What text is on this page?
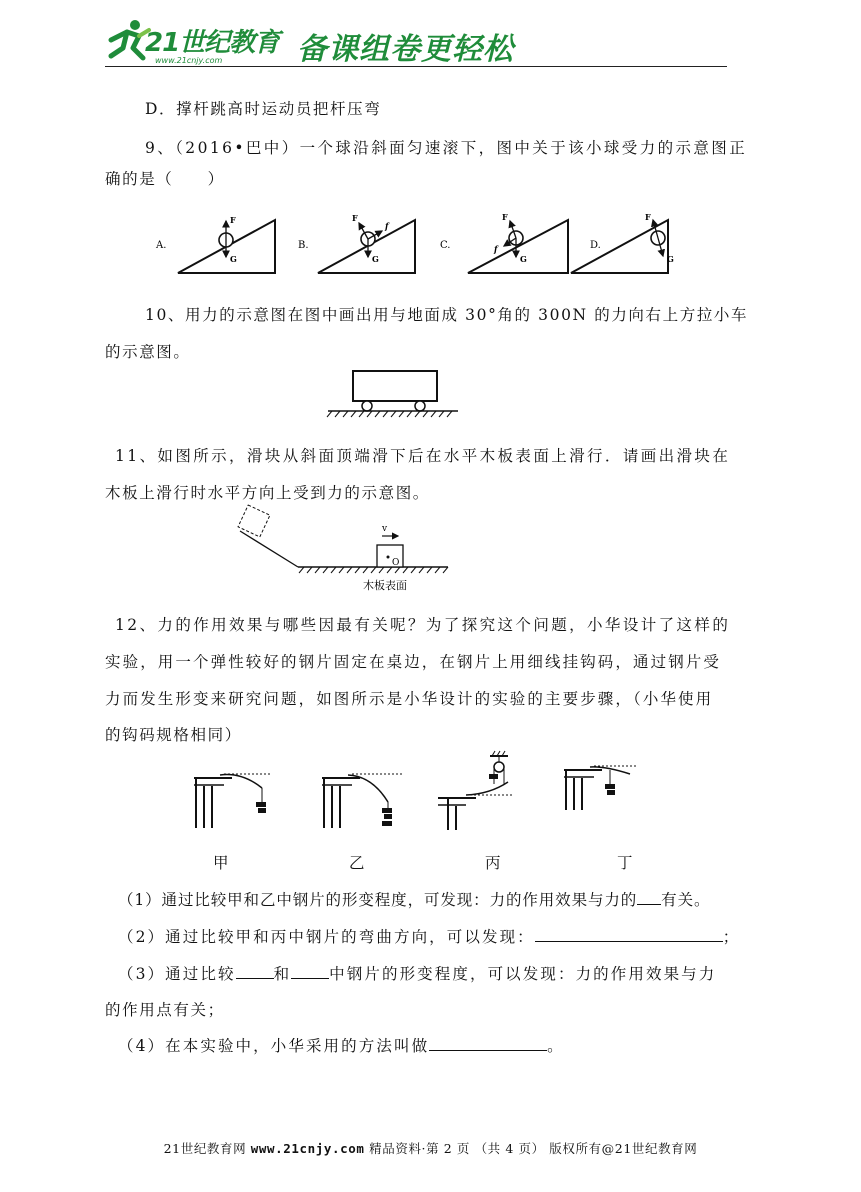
21世纪教育
www.21cnjy.com 备课组卷更轻松
D．撑杆跳高时运动员把杆压弯
9、（2016•巴中）一个球沿斜面匀速滚下，图中关于该小球受力的示意图正
确的是（　　）
A.
F
G
B.
F
f
G
C.
F
f
G
D.
F
G
10、用力的示意图在图中画出用与地面成 30°角的 300N 的力向右上方拉小车
的示意图。
11、如图所示，滑块从斜面顶端滑下后在水平木板表面上滑行．请画出滑块在
木板上滑行时水平方向上受到力的示意图。
O
v
木板表面
12、力的作用效果与哪些因最有关呢？为了探究这个问题，小华设计了这样的
实验，用一个弹性较好的钢片固定在桌边，在钢片上用细线挂钩码，通过钢片受
力而发生形变来研究问题，如图所示是小华设计的实验的主要步骤，（小华使用
的钩码规格相同）
甲	乙	丙	丁
（1）通过比较甲和乙中钢片的形变程度，可发现：力的作用效果与力的 有关。
（2）通过比较甲和丙中钢片的弯曲方向，可以发现：	；
（3）通过比较 和 中钢片的形变程度，可以发现：力的作用效果与力
的作用点有关；
（4）在本实验中，小华采用的方法叫做	。
21世纪教育网 www.21cnjy.com 精品资料·第 2 页 （共 4 页） 版权所有@21世纪教育网
